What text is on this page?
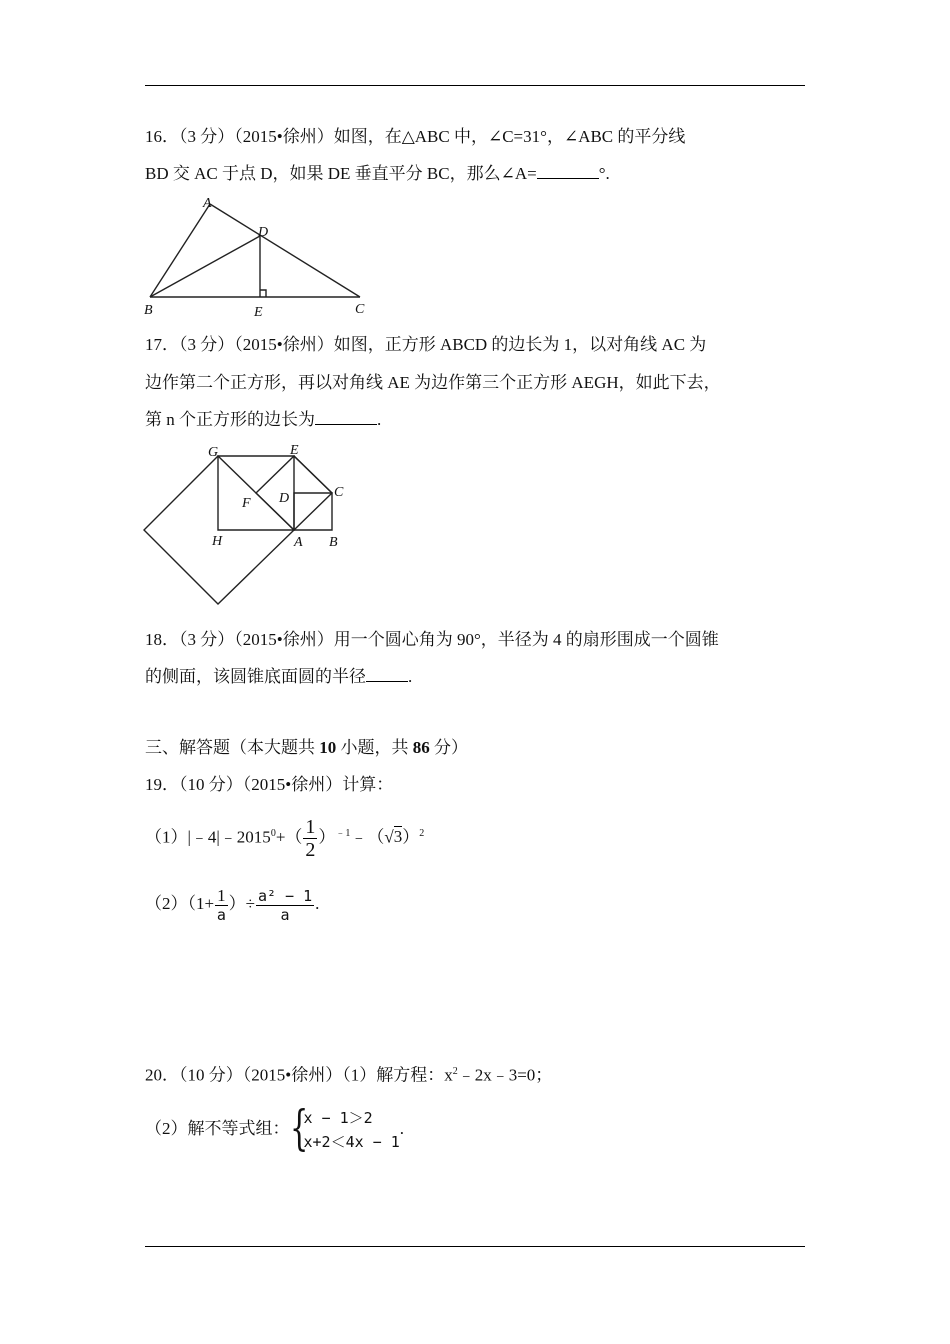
16．（3 分）（2015•徐州）如图，在△ABC 中，∠C=31°，∠ABC 的平分线
BD 交 AC 于点 D，如果 DE 垂直平分 BC，那么∠A=	°.
A
D
B	E	C
17．（3 分）（2015•徐州）如图，正方形 ABCD 的边长为 1，以对角线 AC 为
边作第二个正方形，再以对角线 AE 为边作第三个正方形 AEGH，如此下去，
第 n 个正方形的边长为	.
G	E
C
F D
H	A B
18．（3 分）（2015•徐州）用一个圆心角为 90°，半径为 4 的扇形围成一个圆锥
的侧面，该圆锥底面圆的半径 .
三、解答题（本大题共 10 小题，共 86 分）
19．（10 分）（2015•徐州）计算：
$(1)|﹣4|﹣2015^0+( \frac{1}{2}$ ）$^{﹣1}﹣(√3)^2$
$(2)(1+ \frac{1}{a}$ ）÷ $\frac{\text{a² − 1}}{a}$ .
20．（10 分）（2015•徐州）（1）解方程：$x^2﹣2x﹣3=0$；
（2）解不等式组： {
x − 1＞2
x+2＜4x − 1
.
